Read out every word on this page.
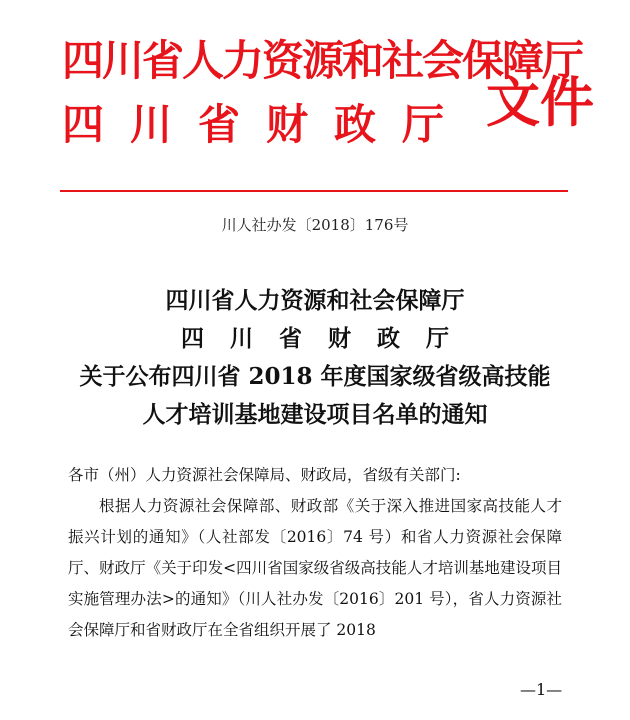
四川省人力资源和社会保障厅
四川省财政厅 文件
川人社办发〔2018〕176号
四川省人力资源和社会保障厅
四川省财政厅
关于公布四川省 2018 年度国家级省级高技能
人才培训基地建设项目名单的通知
各市（州）人力资源社会保障局、财政局，省级有关部门:
根据人力资源社会保障部、财政部《关于深入推进国家高技能人才振兴计划的通知》（人社部发〔2016〕74 号）和省人力资源社会保障厅、财政厅《关于印发<四川省国家级省级高技能人才培训基地建设项目实施管理办法>的通知》（川人社办发〔2016〕201 号），省人力资源社会保障厅和省财政厅在全省组织开展了 2018
—1—
